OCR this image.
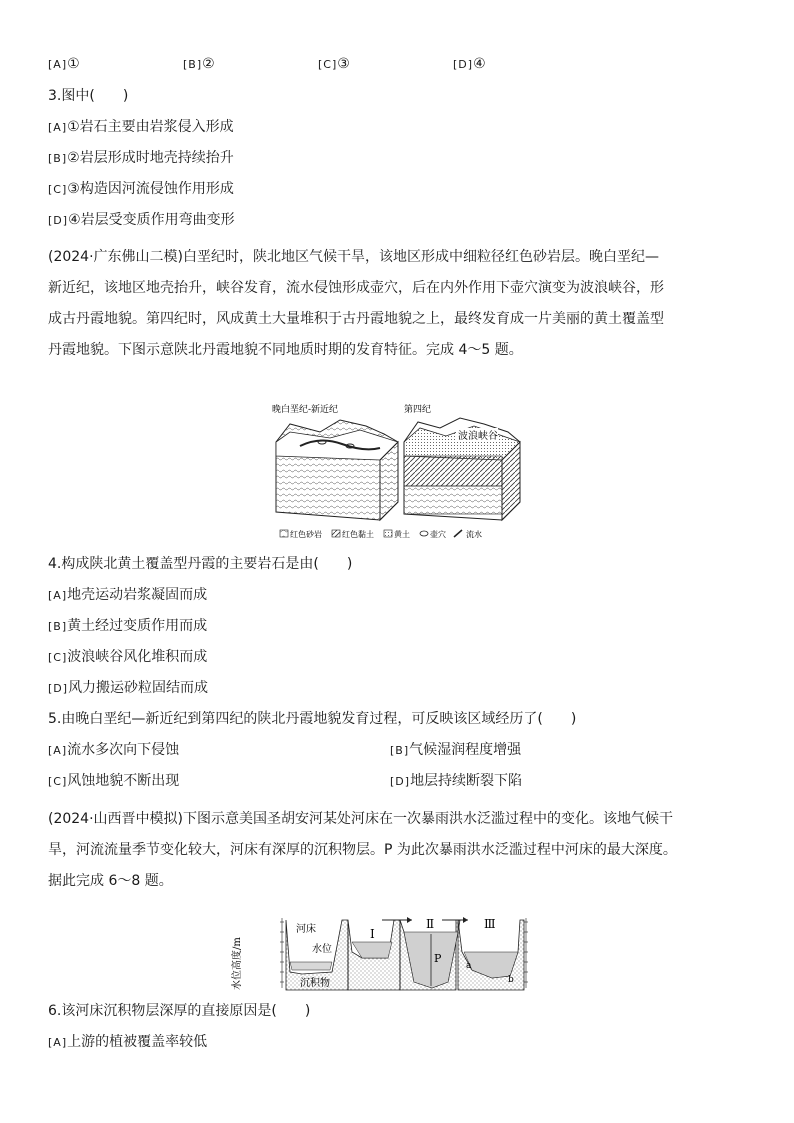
[A]①	[B]②	[C]③	[D]④
3.图中(　　)
[A]①岩石主要由岩浆侵入形成
[B]②岩层形成时地壳持续抬升
[C]③构造因河流侵蚀作用形成
[D]④岩层受变质作用弯曲变形
(2024·广东佛山二模)白垩纪时，陕北地区气候干旱，该地区形成中细粒径红色砂岩层。晚白垩纪—
新近纪，该地区地壳抬升，峡谷发育，流水侵蚀形成壶穴，后在内外作用下壶穴演变为波浪峡谷，形
成古丹霞地貌。第四纪时，风成黄土大量堆积于古丹霞地貌之上，最终发育成一片美丽的黄土覆盖型
丹霞地貌。下图示意陕北丹霞地貌不同地质时期的发育特征。完成 4～5 题。
晚白垩纪-新近纪	第四纪
波浪峡谷
红色砂岩	红色黏土	黄土	壶穴	流水
4.构成陕北黄土覆盖型丹霞的主要岩石是由(　　)
[A]地壳运动岩浆凝固而成
[B]黄土经过变质作用而成
[C]波浪峡谷风化堆积而成
[D]风力搬运砂粒固结而成
5.由晚白垩纪—新近纪到第四纪的陕北丹霞地貌发育过程，可反映该区域经历了(　　)
[A]流水多次向下侵蚀	[B]气候湿润程度增强
[C]风蚀地貌不断出现	[D]地层持续断裂下陷
(2024·山西晋中模拟)下图示意美国圣胡安河某处河床在一次暴雨洪水泛滥过程中的变化。该地气候干
旱，河流流量季节变化较大，河床有深厚的沉积物层。P 为此次暴雨洪水泛滥过程中河床的最大深度。
据此完成 6～8 题。
水位高度/m
河床
水位
沉积物
Ⅰ
Ⅱ
P
Ⅲ
a
b
6.该河床沉积物层深厚的直接原因是(　　)
[A]上游的植被覆盖率较低
